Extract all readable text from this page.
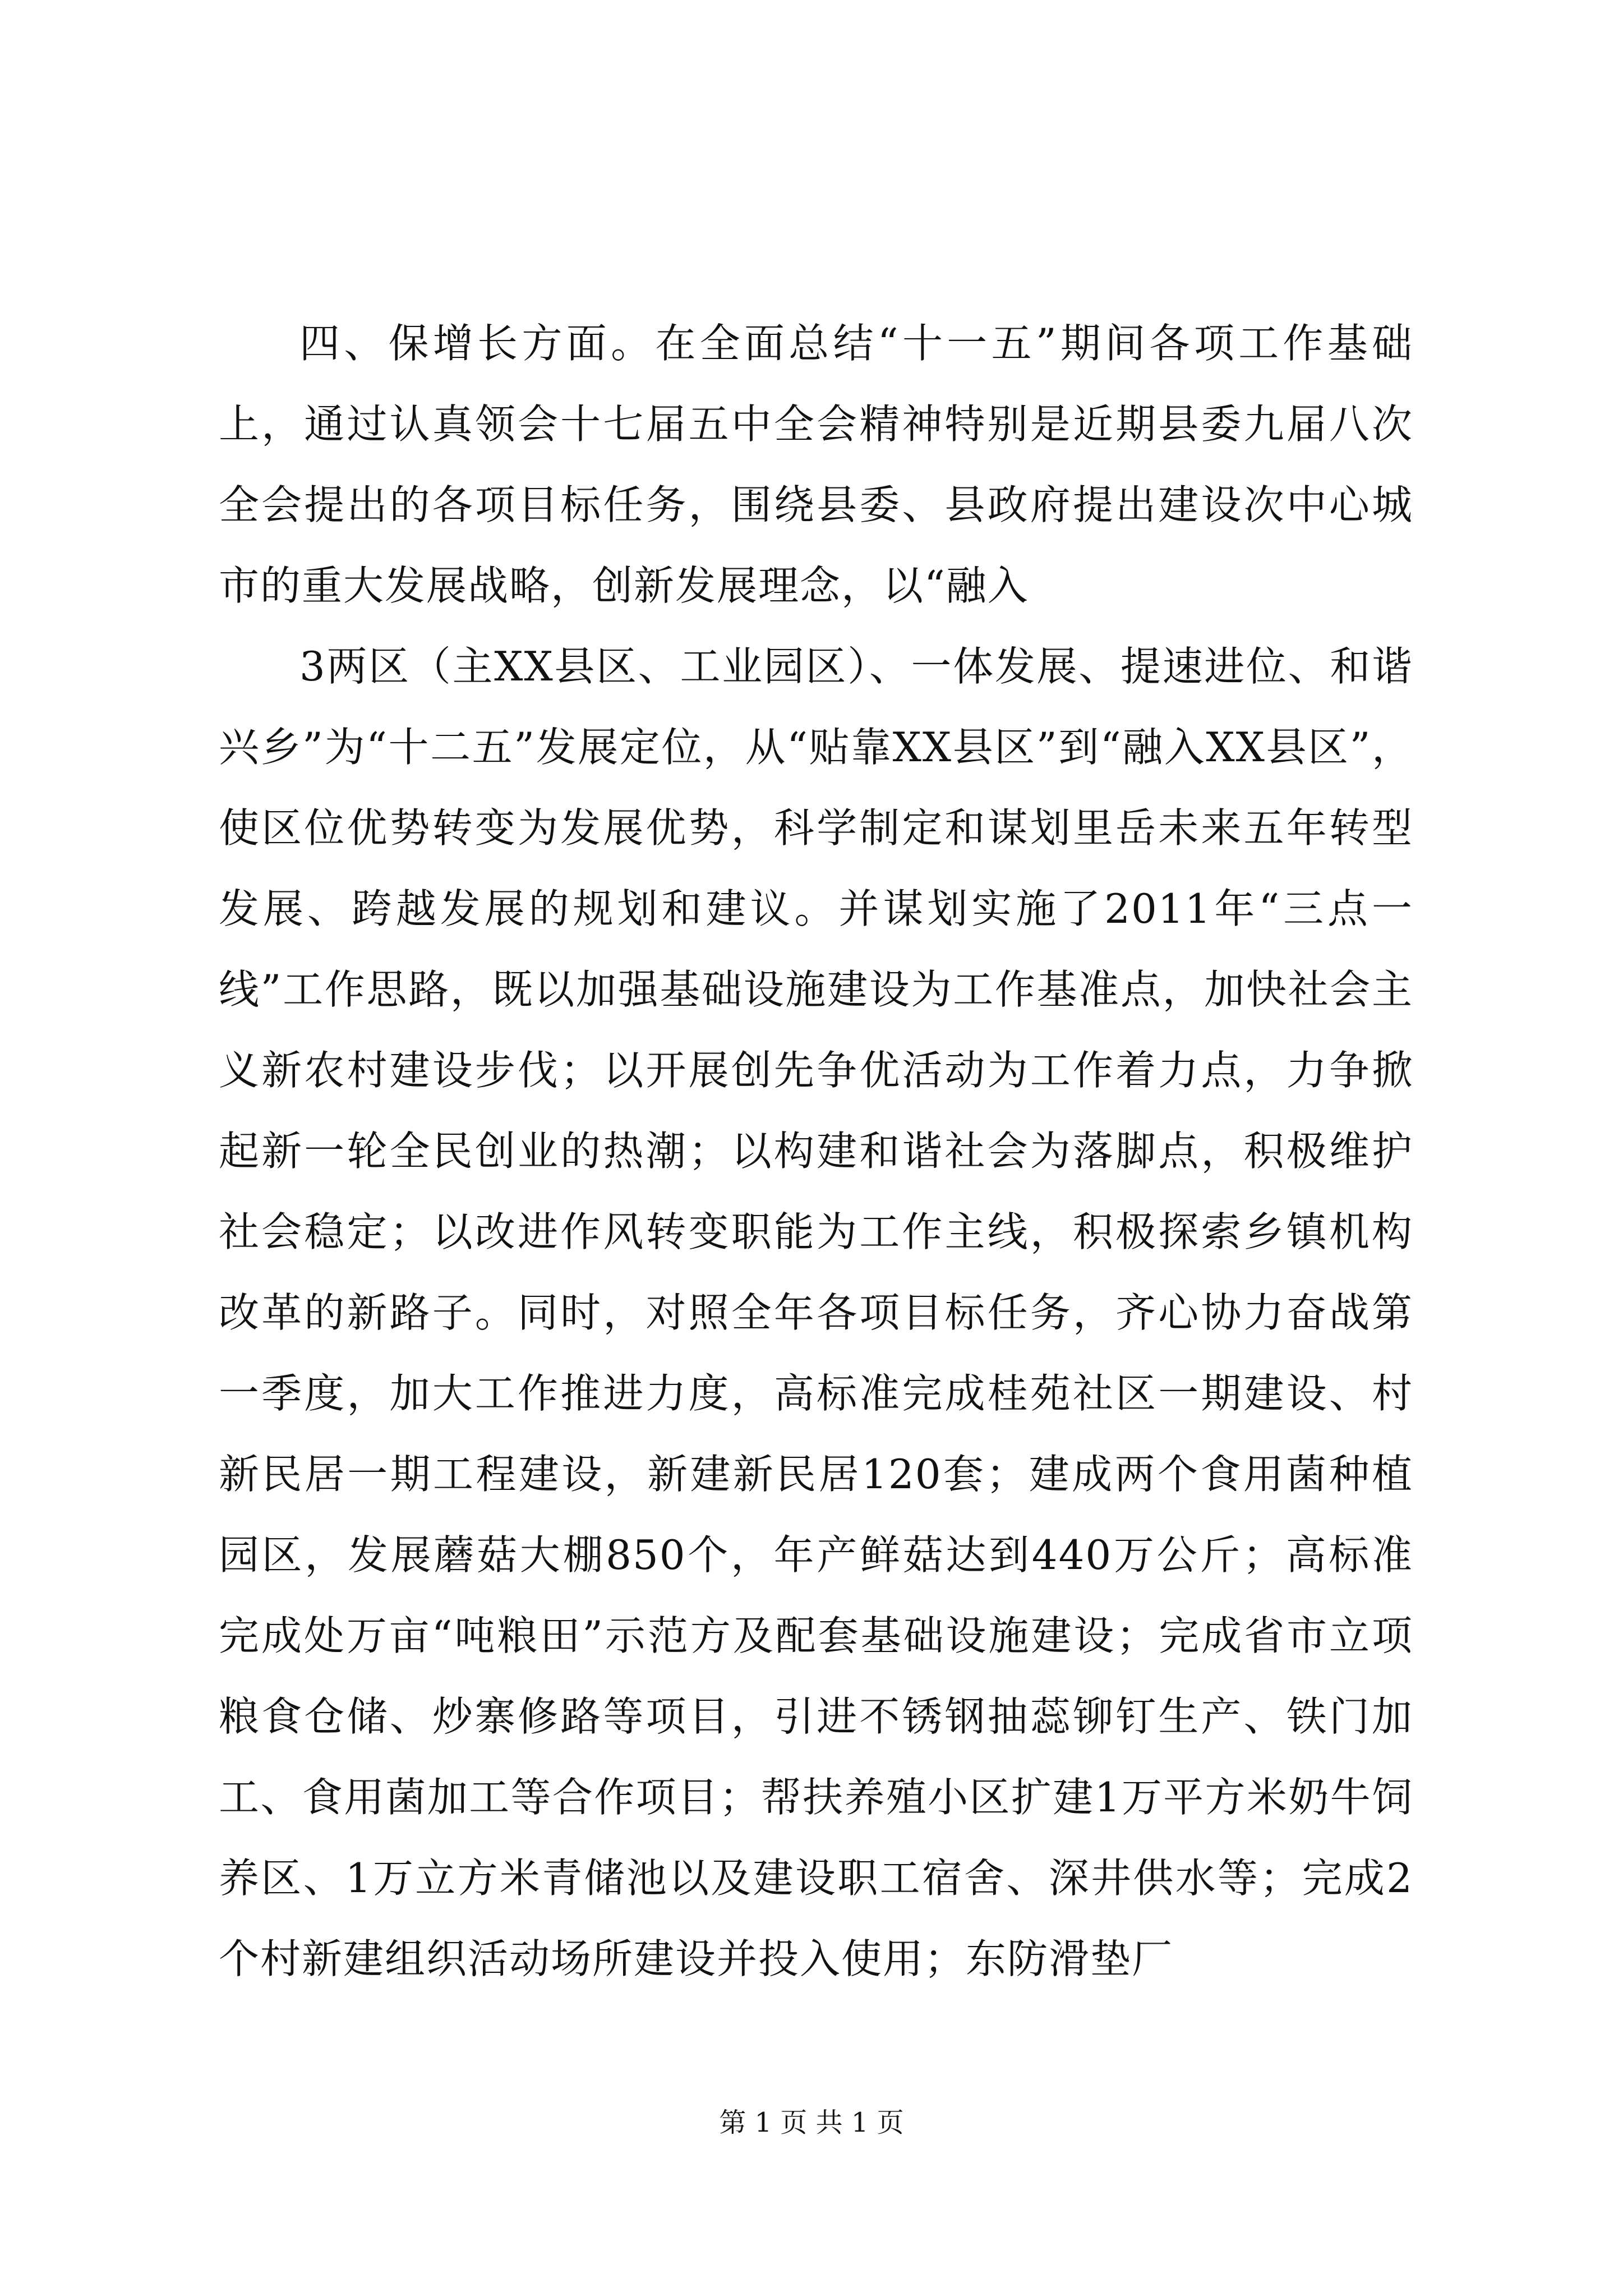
四、保增长方面。在全面总结“十一五”期间各项工作基础上，通过认真领会十七届五中全会精神特别是近期县委九届八次全会提出的各项目标任务，围绕县委、县政府提出建设次中心城市的重大发展战略，创新发展理念，以“融入

3两区（主XX县区、工业园区）、一体发展、提速进位、和谐兴乡”为“十二五”发展定位，从“贴靠XX县区”到“融入XX县区”，使区位优势转变为发展优势，科学制定和谋划里岳未来五年转型发展、跨越发展的规划和建议。并谋划实施了2011年“三点一线”工作思路，既以加强基础设施建设为工作基准点，加快社会主义新农村建设步伐；以开展创先争优活动为工作着力点，力争掀起新一轮全民创业的热潮；以构建和谐社会为落脚点，积极维护社会稳定；以改进作风转变职能为工作主线，积极探索乡镇机构改革的新路子。同时，对照全年各项目标任务，齐心协力奋战第一季度，加大工作推进力度，高标准完成桂苑社区一期建设、村新民居一期工程建设，新建新民居120套；建成两个食用菌种植园区，发展蘑菇大棚850个，年产鲜菇达到440万公斤；高标准完成处万亩“吨粮田”示范方及配套基础设施建设；完成省市立项粮食仓储、炒寨修路等项目，引进不锈钢抽蕊铆钉生产、铁门加工、食用菌加工等合作项目；帮扶养殖小区扩建1万平方米奶牛饲养区、1万立方米青储池以及建设职工宿舍、深井供水等；完成2个村新建组织活动场所建设并投入使用；东防滑垫厂

第 1 页 共 1 页
